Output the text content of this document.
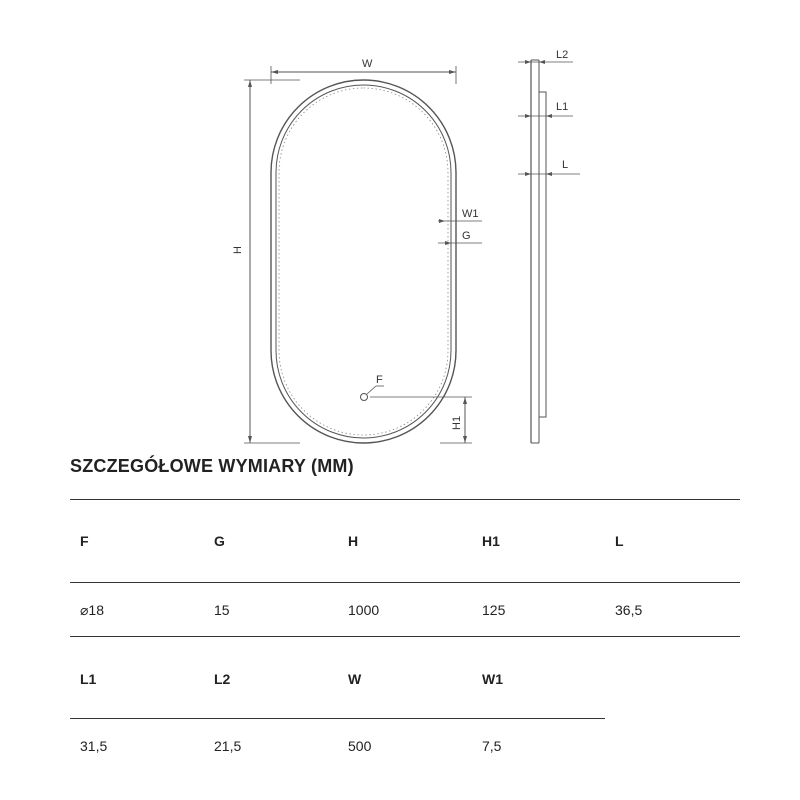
W
H
W1
G
F
H1
L2
L1
L
SZCZEGÓŁOWE WYMIARY (MM)
F	G	H	H1	L
⌀18	15	1000	125	36,5
L1	L2	W	W1
31,5	21,5	500	7,5
